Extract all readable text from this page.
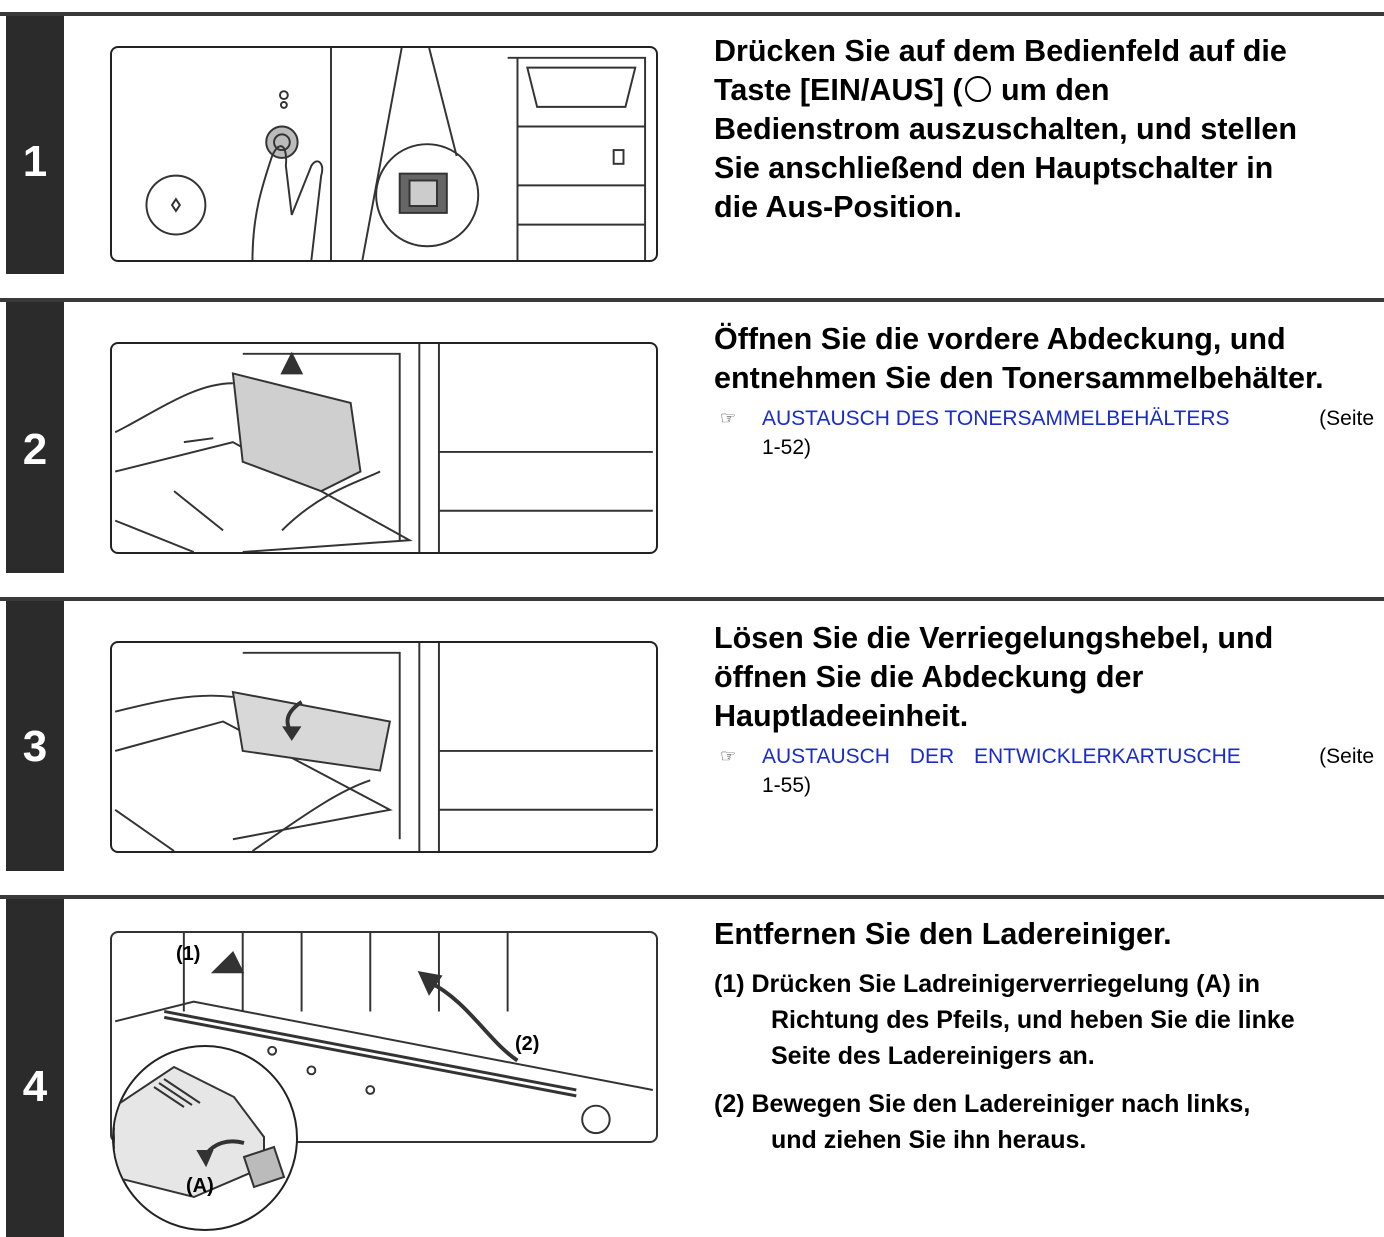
1
Drücken Sie auf dem Bedienfeld auf die
Taste [EIN/AUS] ( um den
Bedienstrom auszuschalten, und stellen
Sie anschließend den Hauptschalter in
die Aus-Position.
2
Öffnen Sie die vordere Abdeckung, und
entnehmen Sie den Tonersammelbehälter.
☞	AUSTAUSCH DES TONERSAMMELBEHÄLTERS	(Seite

1-52)
3
Lösen Sie die Verriegelungshebel, und
öffnen Sie die Abdeckung der
Hauptladeeinheit.
☞	AUSTAUSCH DER ENTWICKLERKARTUSCHE	(Seite

1-55)
4
(1)
(2)
(A)
Entfernen Sie den Ladereiniger.
(1) Drücken Sie Ladreinigerverriegelung (A) in
Richtung des Pfeils, und heben Sie die linke
Seite des Ladereinigers an.
(2) Bewegen Sie den Ladereiniger nach links,
und ziehen Sie ihn heraus.
